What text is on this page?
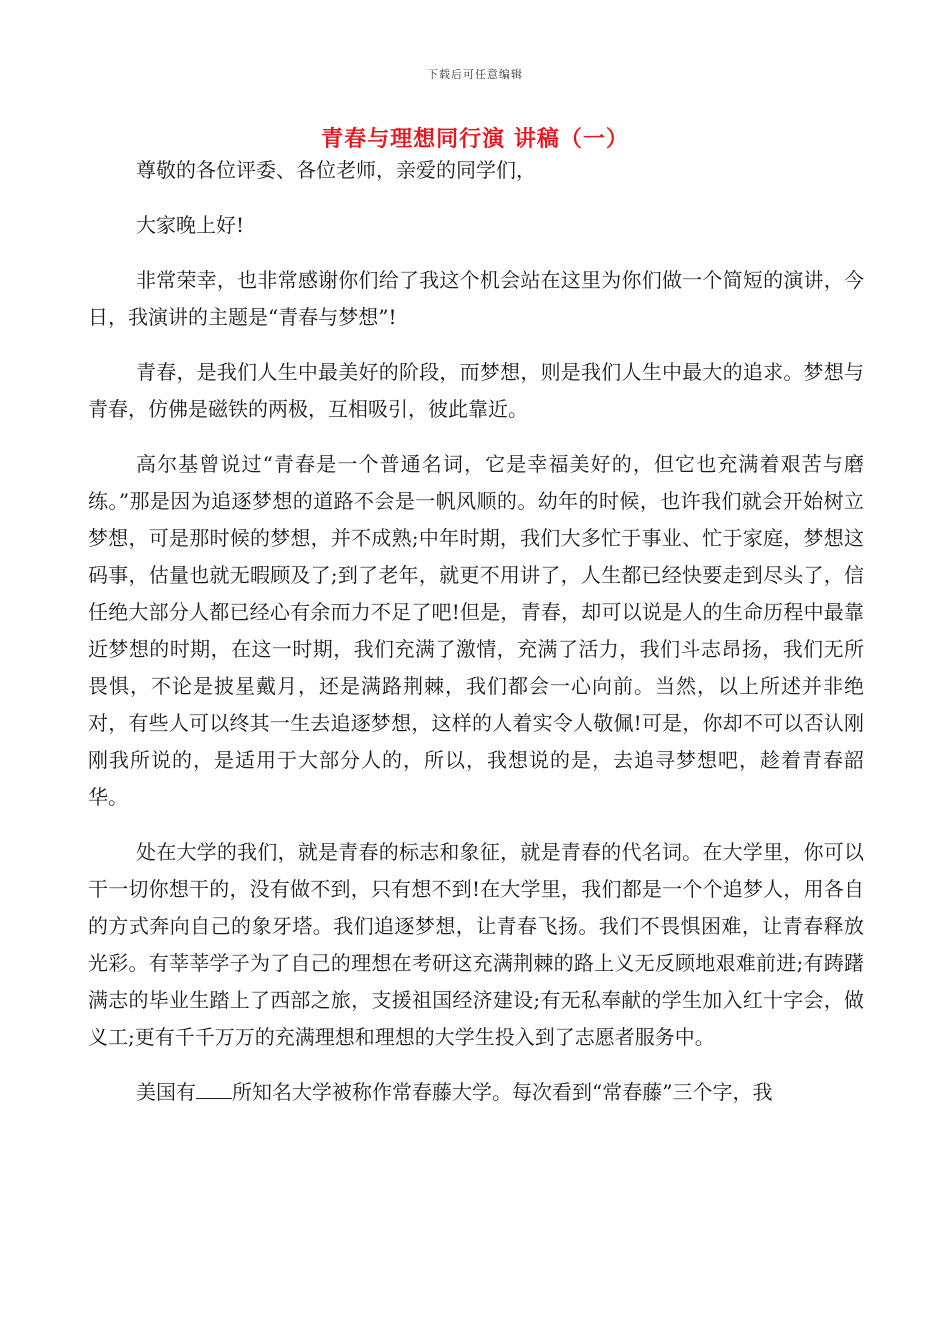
下载后可任意编辑
青春与理想同行演 讲稿（一）

尊敬的各位评委、各位老师，亲爱的同学们，

大家晚上好!

非常荣幸，也非常感谢你们给了我这个机会站在这里为你们做一个简短的演讲，今日，我演讲的主题是“青春与梦想”!

青春，是我们人生中最美好的阶段，而梦想，则是我们人生中最大的追求。梦想与青春，仿佛是磁铁的两极，互相吸引，彼此靠近。

高尔基曾说过“青春是一个普通名词，它是幸福美好的，但它也充满着艰苦与磨练。”那是因为追逐梦想的道路不会是一帆风顺的。幼年的时候，也许我们就会开始树立梦想，可是那时候的梦想，并不成熟;中年时期，我们大多忙于事业、忙于家庭，梦想这码事，估量也就无暇顾及了;到了老年，就更不用讲了，人生都已经快要走到尽头了，信任绝大部分人都已经心有余而力不足了吧!但是，青春，却可以说是人的生命历程中最靠近梦想的时期，在这一时期，我们充满了激情，充满了活力，我们斗志昂扬，我们无所畏惧，不论是披星戴月，还是满路荆棘，我们都会一心向前。当然，以上所述并非绝对，有些人可以终其一生去追逐梦想，这样的人着实令人敬佩!可是，你却不可以否认刚刚我所说的，是适用于大部分人的，所以，我想说的是，去追寻梦想吧，趁着青春韶华。

处在大学的我们，就是青春的标志和象征，就是青春的代名词。在大学里，你可以干一切你想干的，没有做不到，只有想不到!在大学里，我们都是一个个追梦人，用各自的方式奔向自己的象牙塔。我们追逐梦想，让青春飞扬。我们不畏惧困难，让青春释放光彩。有莘莘学子为了自己的理想在考研这充满荆棘的路上义无反顾地艰难前进;有踌躇满志的毕业生踏上了西部之旅，支援祖国经济建设;有无私奉献的学生加入红十字会，做义工;更有千千万万的充满理想和理想的大学生投入到了志愿者服务中。

美国有 所知名大学被称作常春藤大学。每次看到“常春藤”三个字，我
